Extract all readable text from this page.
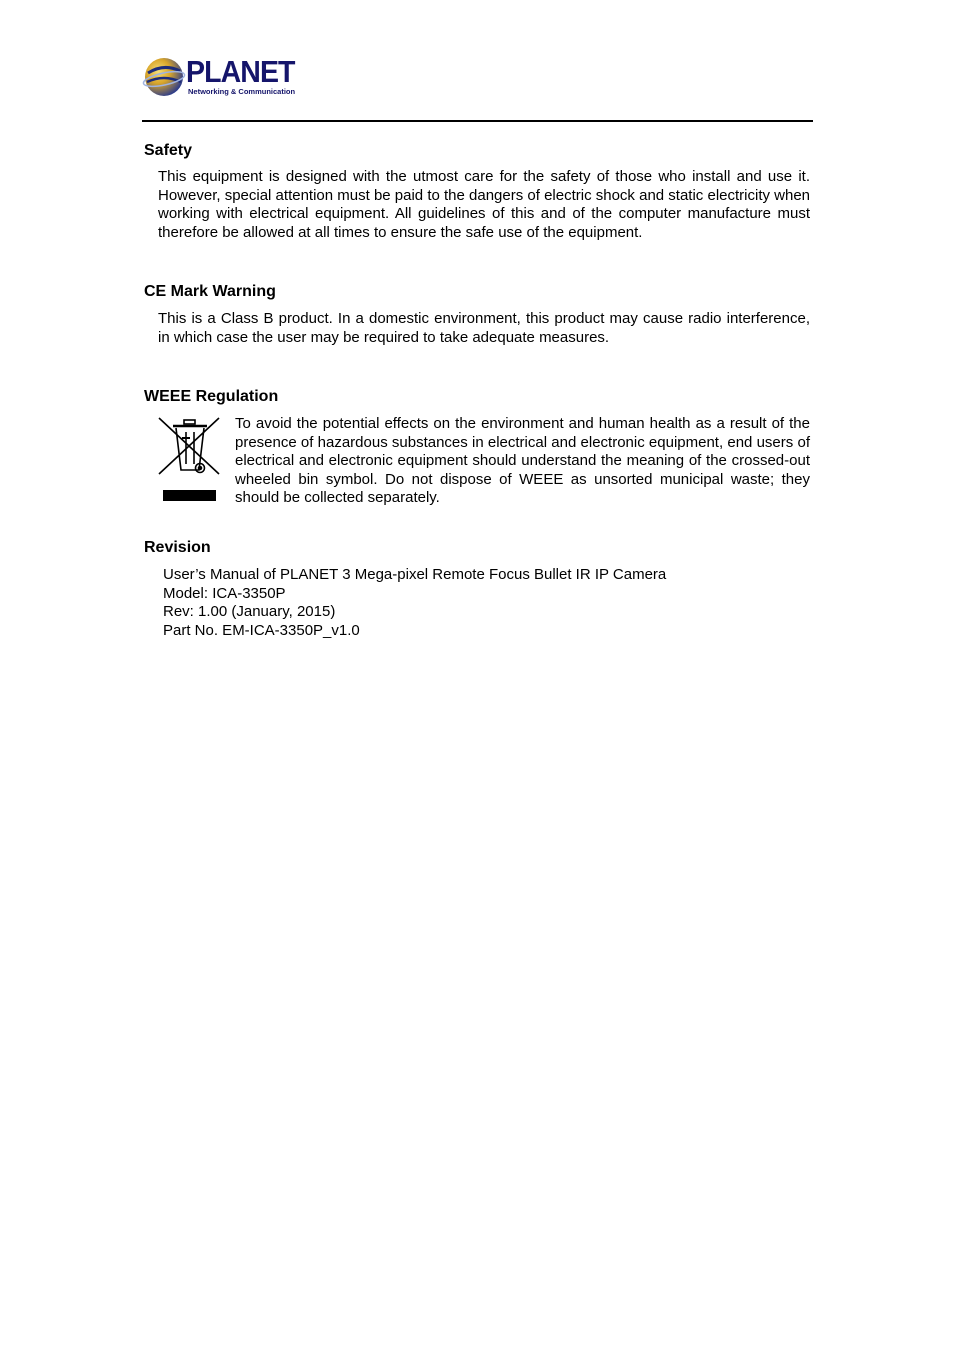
PLANET
Networking & Communication
Safety
This equipment is designed with the utmost care for the safety of those who install and use it. However, special attention must be paid to the dangers of electric shock and static electricity when working with electrical equipment. All guidelines of this and of the computer manufacture must therefore be allowed at all times to ensure the safe use of the equipment.
CE Mark Warning
This is a Class B product. In a domestic environment, this product may cause radio interference, in which case the user may be required to take adequate measures.
WEEE Regulation
To avoid the potential effects on the environment and human health as a result of the presence of hazardous substances in electrical and electronic equipment, end users of electrical and electronic equipment should understand the meaning of the crossed-out wheeled bin symbol. Do not dispose of WEEE as unsorted municipal waste; they should be collected separately.
Revision
User’s Manual of PLANET 3 Mega-pixel Remote Focus Bullet IR IP Camera
Model: ICA-3350P
Rev: 1.00 (January, 2015)
Part No. EM-ICA-3350P_v1.0
